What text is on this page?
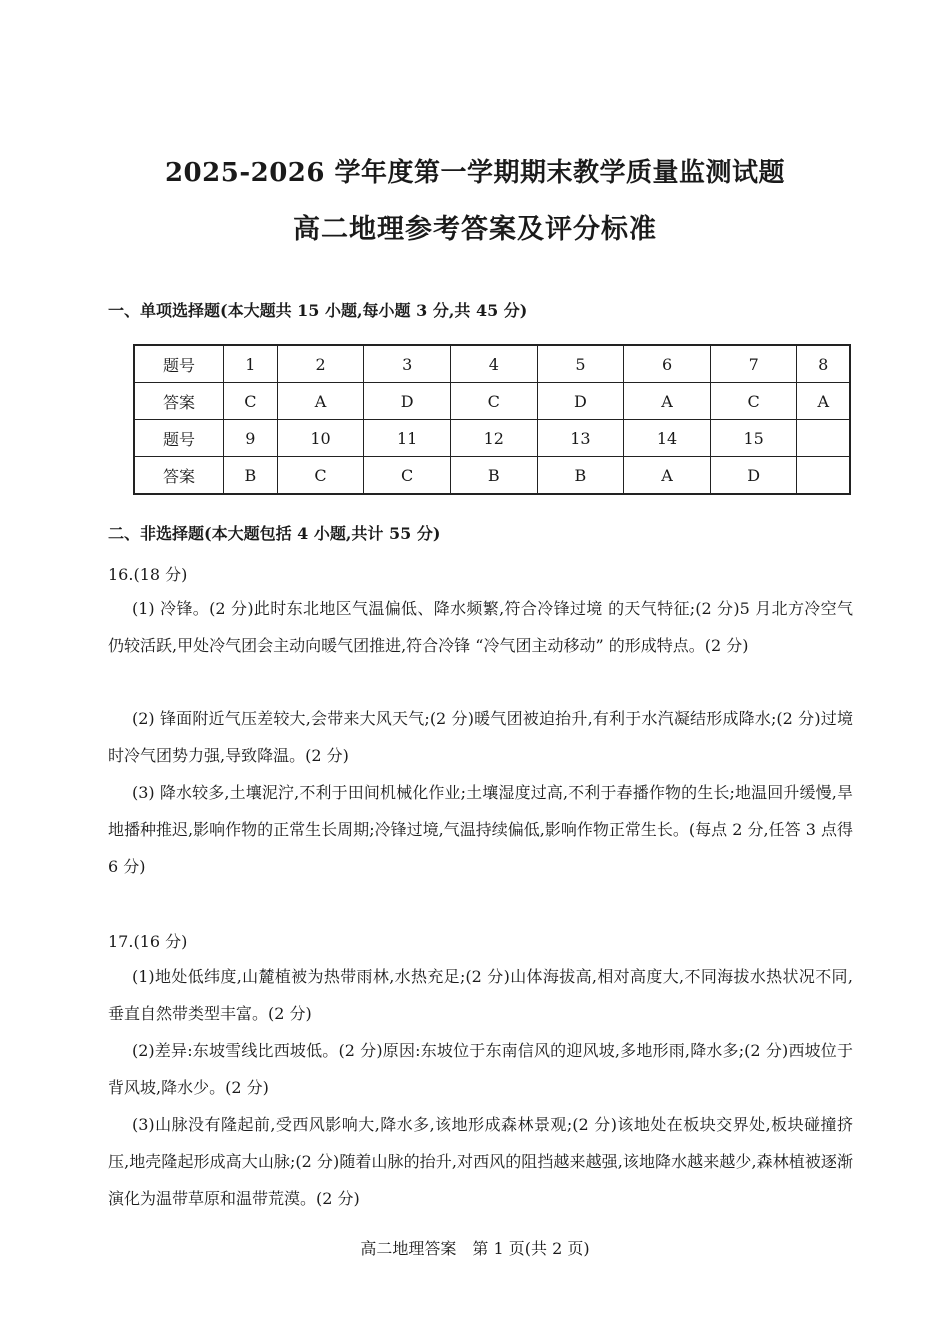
2025-2026 学年度第一学期期末教学质量监测试题
高二地理参考答案及评分标准
一、单项选择题(本大题共 15 小题,每小题 3 分,共 45 分)
题号	1	2	3	4	5	6	7	8
答案	C	A	D	C	D	A	C	A
题号	9	10	11	12	13	14	15	
答案	B	C	C	B	B	A	D	
二、非选择题(本大题包括 4 小题,共计 55 分)
16.(18 分)
(1) 冷锋。(2 分)此时东北地区气温偏低、降水频繁,符合冷锋过境 的天气特征;(2 分)5 月北方冷空气仍较活跃,甲处冷气团会主动向暖气团推进,符合冷锋 “冷气团主动移动” 的形成特点。(2 分)
(2) 锋面附近气压差较大,会带来大风天气;(2 分)暖气团被迫抬升,有利于水汽凝结形成降水;(2 分)过境时冷气团势力强,导致降温。(2 分)
(3) 降水较多,土壤泥泞,不利于田间机械化作业;土壤湿度过高,不利于春播作物的生长;地温回升缓慢,旱地播种推迟,影响作物的正常生长周期;冷锋过境,气温持续偏低,影响作物正常生长。(每点 2 分,任答 3 点得 6 分)
17.(16 分)
(1)地处低纬度,山麓植被为热带雨林,水热充足;(2 分)山体海拔高,相对高度大,不同海拔水热状况不同,垂直自然带类型丰富。(2 分)
(2)差异:东坡雪线比西坡低。(2 分)原因:东坡位于东南信风的迎风坡,多地形雨,降水多;(2 分)西坡位于背风坡,降水少。(2 分)
(3)山脉没有隆起前,受西风影响大,降水多,该地形成森林景观;(2 分)该地处在板块交界处,板块碰撞挤压,地壳隆起形成高大山脉;(2 分)随着山脉的抬升,对西风的阻挡越来越强,该地降水越来越少,森林植被逐渐演化为温带草原和温带荒漠。(2 分)
高二地理答案　第 1 页(共 2 页)
